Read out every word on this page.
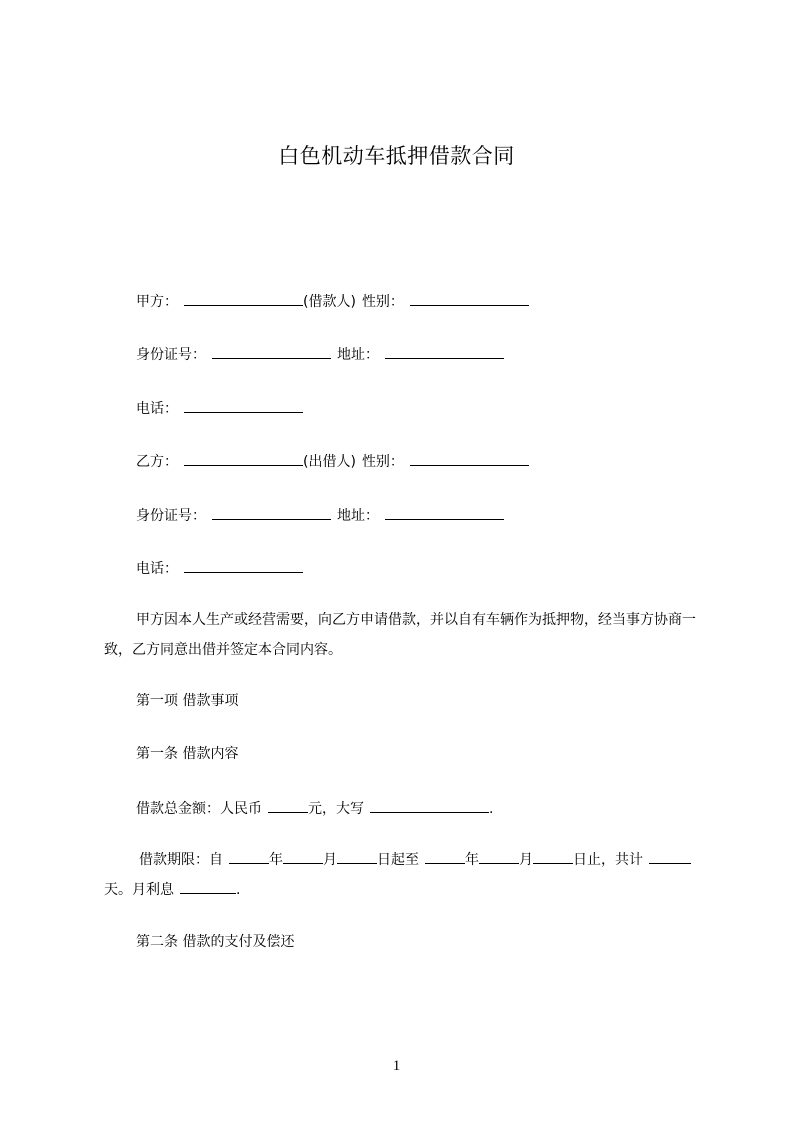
白色机动车抵押借款合同
甲方：	(借款人) 性别：
身份证号：	地址：
电话：
乙方：	(出借人) 性别：
身份证号：	地址：
电话：
甲方因本人生产或经营需要，向乙方申请借款，并以自有车辆作为抵押物，经当事方协商一致，乙方同意出借并签定本合同内容。
第一项 借款事项
第一条 借款内容
借款总金额：人民币	元，大写	.
借款期限：自	年	月	日起至	年	月	日止，共计天。月利息	.
第二条 借款的支付及偿还
1
